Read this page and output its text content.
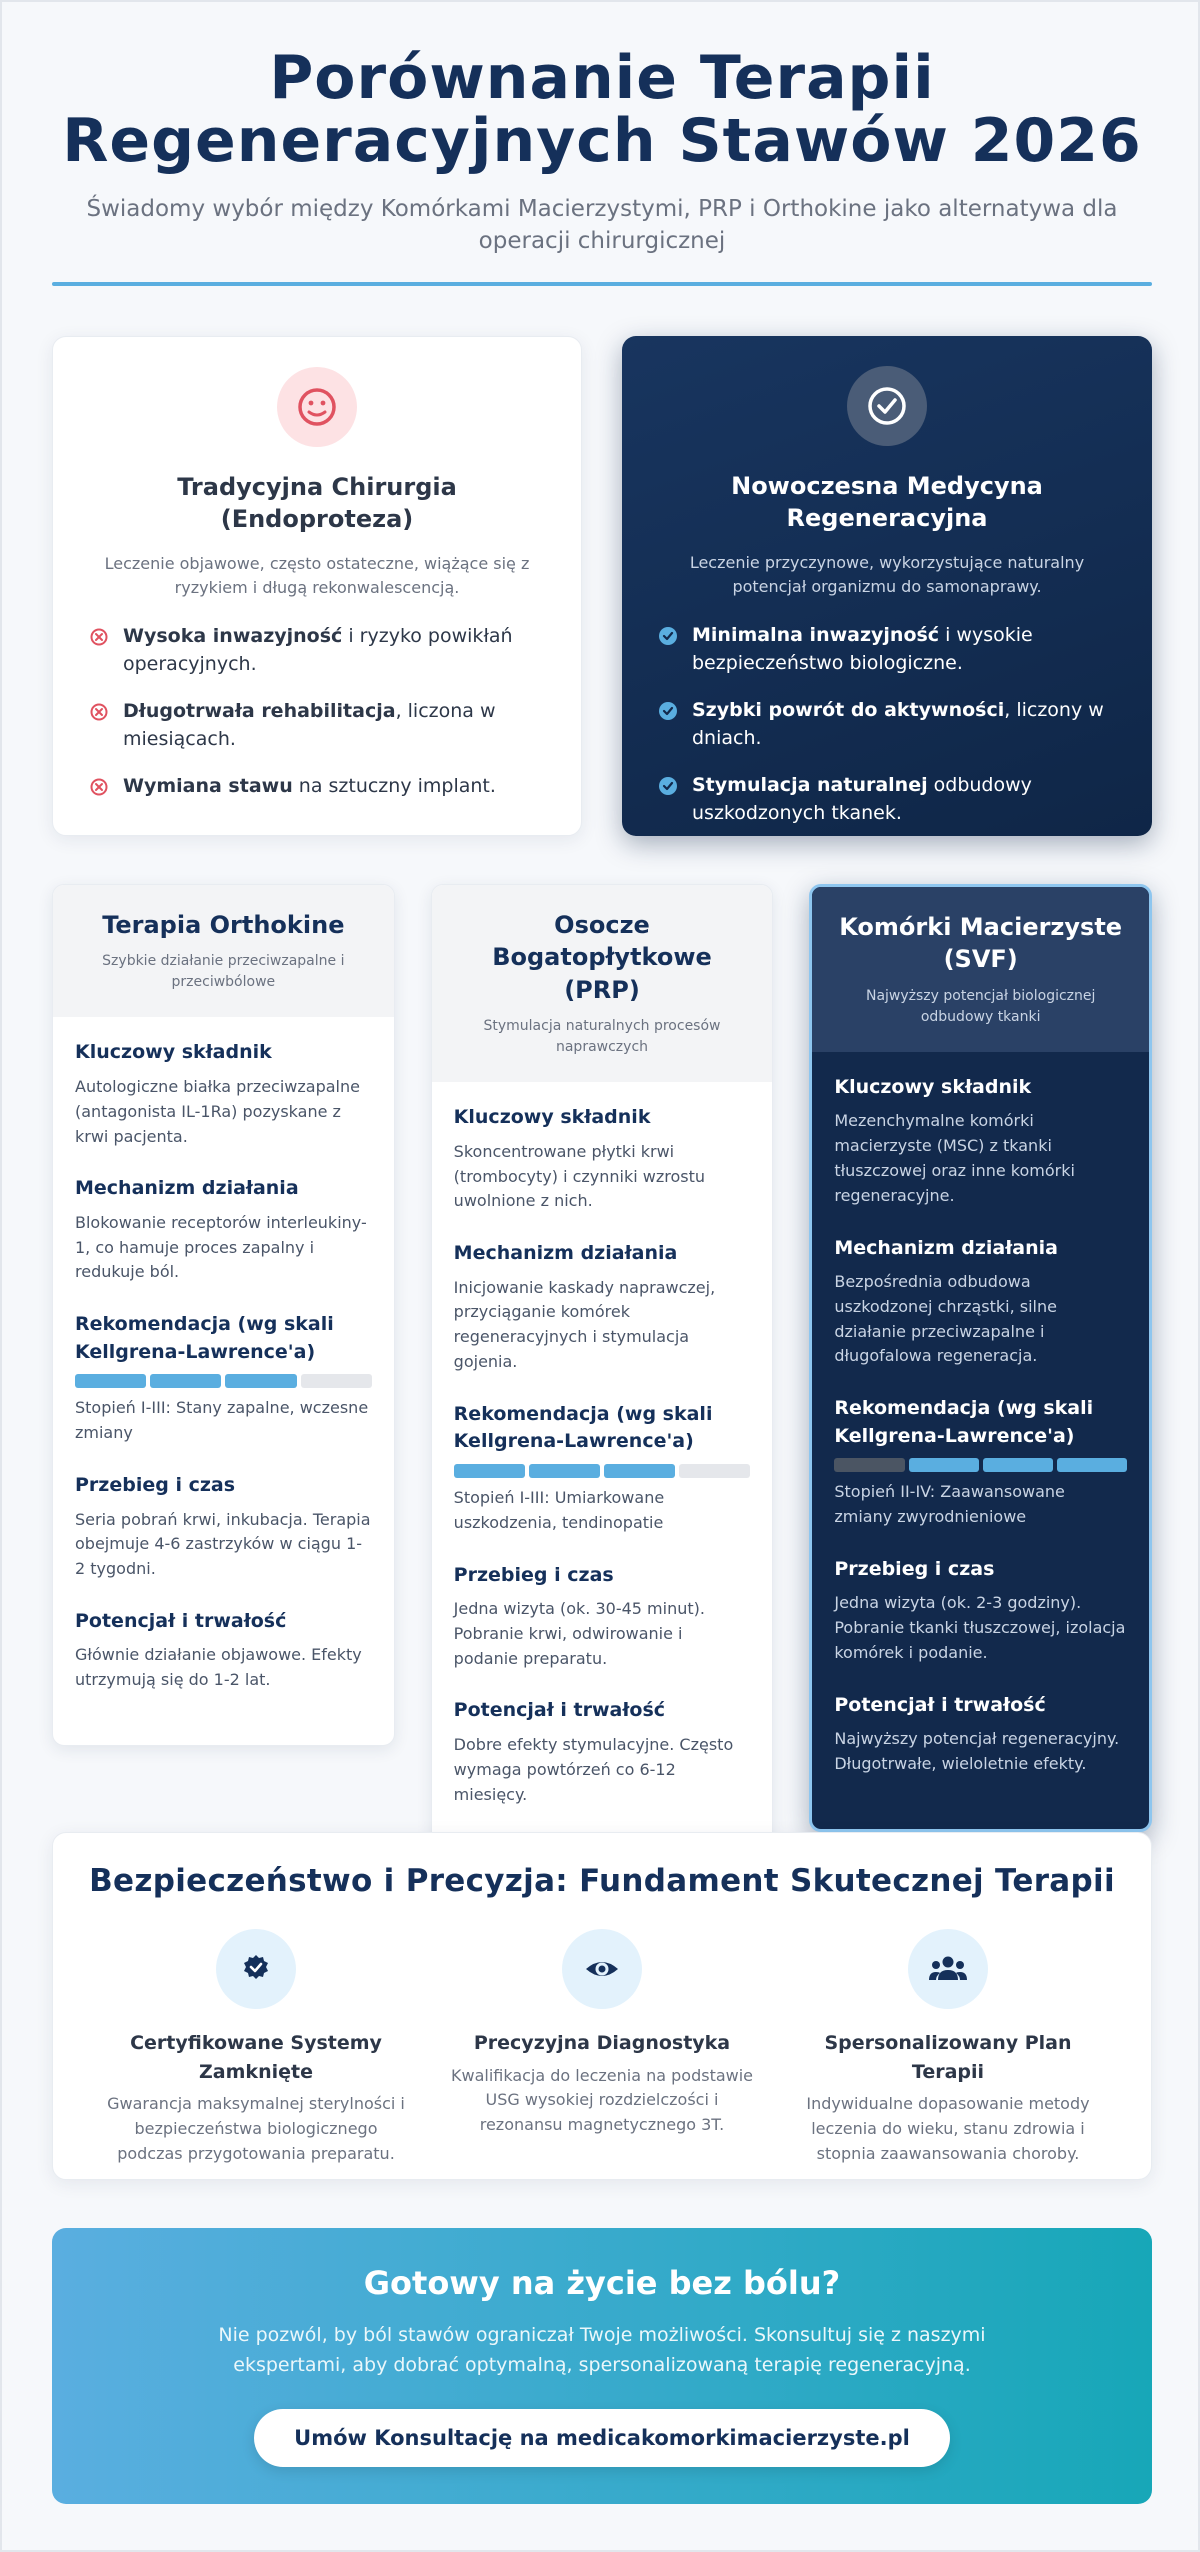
Porównanie Terapii Regeneracyjnych Stawów 2026

Świadomy wybór między Komórkami Macierzystymi, PRP i Orthokine jako alternatywa dla operacji chirurgicznej

Tradycyjna Chirurgia (Endoproteza)

Leczenie objawowe, często ostateczne, wiążące się z ryzykiem i długą rekonwalescencją.

Wysoka inwazyjność i ryzyko powikłań operacyjnych.
Długotrwała rehabilitacja, liczona w miesiącach.
Wymiana stawu na sztuczny implant.
Nowoczesna Medycyna Regeneracyjna

Leczenie przyczynowe, wykorzystujące naturalny potencjał organizmu do samonaprawy.

Minimalna inwazyjność i wysokie bezpieczeństwo biologiczne.
Szybki powrót do aktywności, liczony w dniach.
Stymulacja naturalnej odbudowy uszkodzonych tkanek.
Terapia Orthokine

Szybkie działanie przeciwzapalne i przeciwbólowe

Kluczowy składnik

Autologiczne białka przeciwzapalne (antagonista IL-1Ra) pozyskane z krwi pacjenta.

Mechanizm działania

Blokowanie receptorów interleukiny-1, co hamuje proces zapalny i redukuje ból.

Rekomendacja (wg skali Kellgrena-Lawrence'a)

Stopień I-III: Stany zapalne, wczesne zmiany

Przebieg i czas

Seria pobrań krwi, inkubacja. Terapia obejmuje 4-6 zastrzyków w ciągu 1-2 tygodni.

Potencjał i trwałość

Głównie działanie objawowe. Efekty utrzymują się do 1-2 lat.

Osocze Bogatopłytkowe (PRP)

Stymulacja naturalnych procesów naprawczych

Kluczowy składnik

Skoncentrowane płytki krwi (trombocyty) i czynniki wzrostu uwolnione z nich.

Mechanizm działania

Inicjowanie kaskady naprawczej, przyciąganie komórek regeneracyjnych i stymulacja gojenia.

Rekomendacja (wg skali Kellgrena-Lawrence'a)

Stopień I-III: Umiarkowane uszkodzenia, tendinopatie

Przebieg i czas

Jedna wizyta (ok. 30-45 minut). Pobranie krwi, odwirowanie i podanie preparatu.

Potencjał i trwałość

Dobre efekty stymulacyjne. Często wymaga powtórzeń co 6-12 miesięcy.

Komórki Macierzyste (SVF)

Najwyższy potencjał biologicznej odbudowy tkanki

Kluczowy składnik

Mezenchymalne komórki macierzyste (MSC) z tkanki tłuszczowej oraz inne komórki regeneracyjne.

Mechanizm działania

Bezpośrednia odbudowa uszkodzonej chrząstki, silne działanie przeciwzapalne i długofalowa regeneracja.

Rekomendacja (wg skali Kellgrena-Lawrence'a)

Stopień II-IV: Zaawansowane zmiany zwyrodnieniowe

Przebieg i czas

Jedna wizyta (ok. 2-3 godziny). Pobranie tkanki tłuszczowej, izolacja komórek i podanie.

Potencjał i trwałość

Najwyższy potencjał regeneracyjny. Długotrwałe, wieloletnie efekty.

Bezpieczeństwo i Precyzja: Fundament Skutecznej Terapii
Certyfikowane Systemy Zamknięte

Gwarancja maksymalnej sterylności i bezpieczeństwa biologicznego podczas przygotowania preparatu.

Precyzyjna Diagnostyka

Kwalifikacja do leczenia na podstawie USG wysokiej rozdzielczości i rezonansu magnetycznego 3T.

Spersonalizowany Plan Terapii

Indywidualne dopasowanie metody leczenia do wieku, stanu zdrowia i stopnia zaawansowania choroby.

Gotowy na życie bez bólu?

Nie pozwól, by ból stawów ograniczał Twoje możliwości. Skonsultuj się z naszymi ekspertami, aby dobrać optymalną, spersonalizowaną terapię regeneracyjną.

Umów Konsultację na medicakomorkimacierzyste.pl
